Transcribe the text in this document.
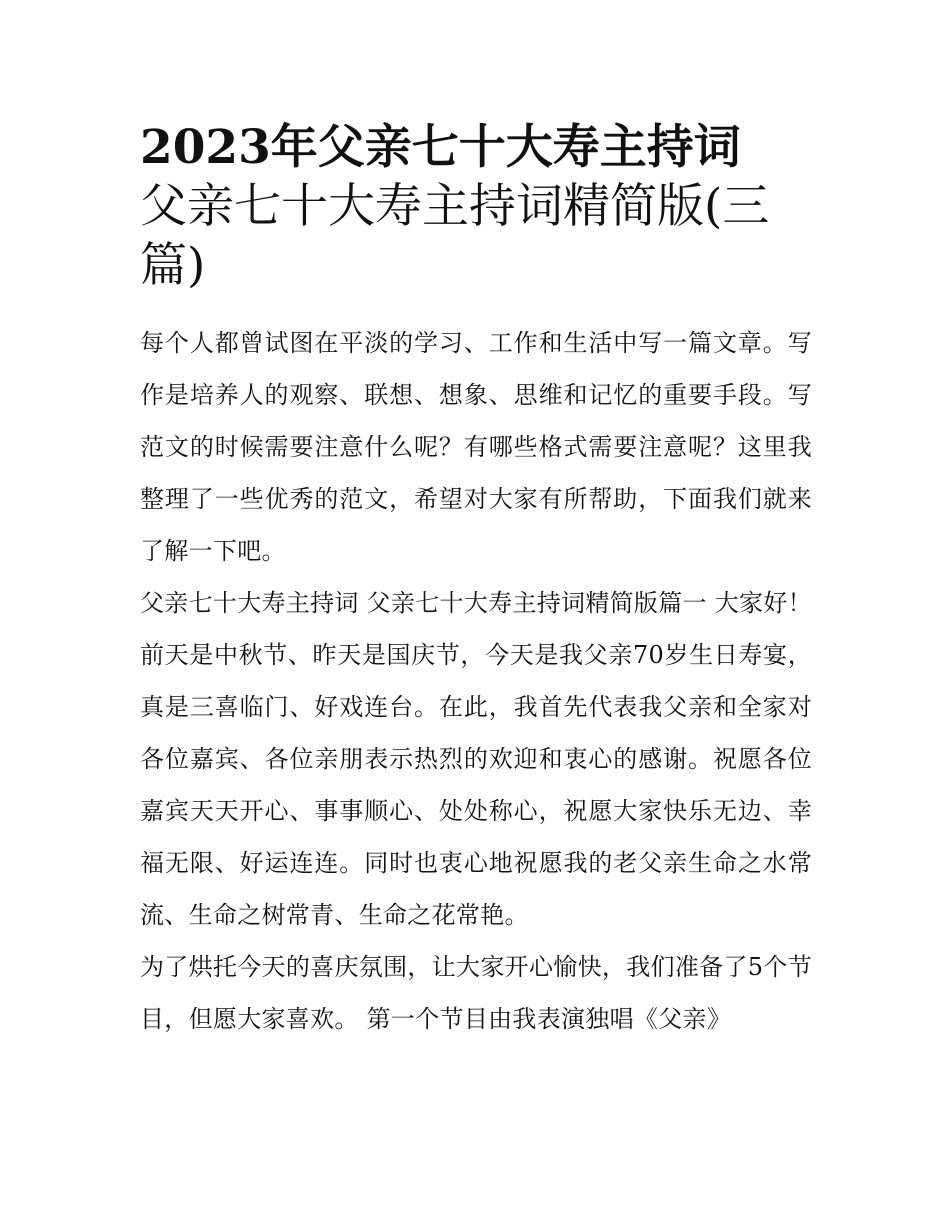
2023年父亲七十大寿主持词
父亲七十大寿主持词精简版(三篇)

每个人都曾试图在平淡的学习、工作和生活中写一篇文章。写作是培养人的观察、联想、想象、思维和记忆的重要手段。写范文的时候需要注意什么呢？有哪些格式需要注意呢？这里我整理了一些优秀的范文，希望对大家有所帮助，下面我们就来了解一下吧。

父亲七十大寿主持词 父亲七十大寿主持词精简版篇一 大家好！

前天是中秋节、昨天是国庆节，今天是我父亲70岁生日寿宴，真是三喜临门、好戏连台。在此，我首先代表我父亲和全家对各位嘉宾、各位亲朋表示热烈的欢迎和衷心的感谢。祝愿各位嘉宾天天开心、事事顺心、处处称心，祝愿大家快乐无边、幸福无限、好运连连。同时也衷心地祝愿我的老父亲生命之水常流、生命之树常青、生命之花常艳。

为了烘托今天的喜庆氛围，让大家开心愉快，我们准备了5个节目，但愿大家喜欢。 第一个节目由我表演独唱《父亲》
